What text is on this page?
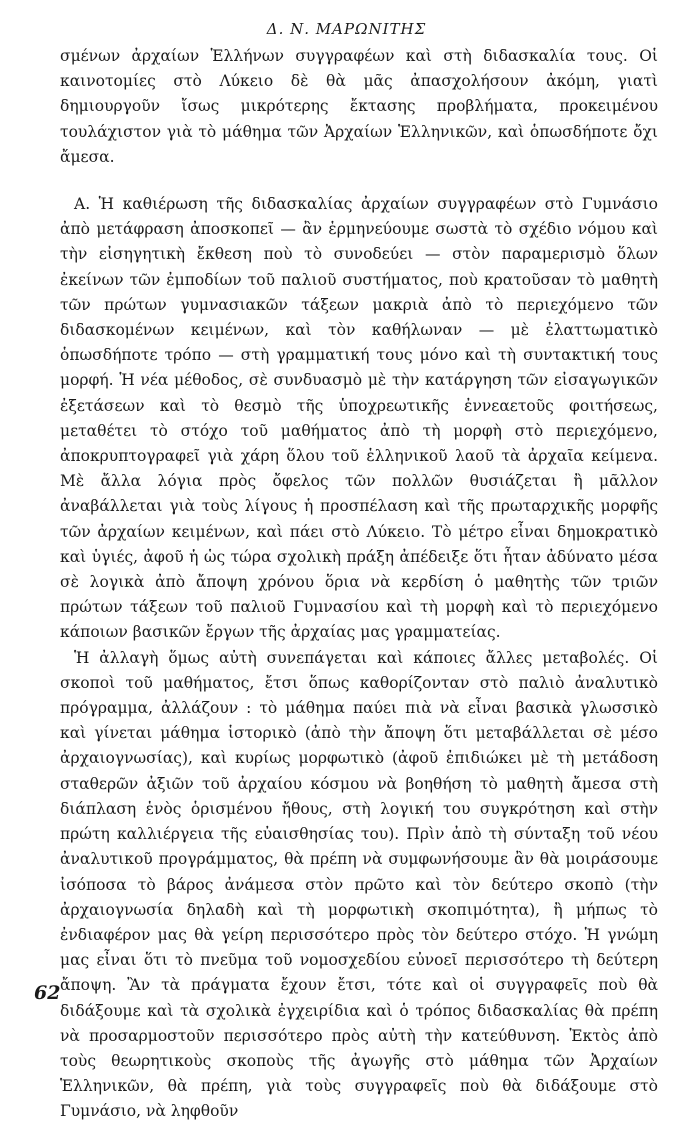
Δ. Ν. ΜΑΡΩΝΙΤΗΣ

σμένων ἀρχαίων Ἑλλήνων συγγραφέων καὶ στὴ διδασκαλία τους. Οἱ καινοτομίες στὸ Λύκειο δὲ θὰ μᾶς ἀπασχολήσουν ἀκόμη, γιατὶ δημιουργοῦν ἴσως μικρότερης ἔκτασης προβλήματα, προκειμένου τουλάχιστον γιὰ τὸ μάθημα τῶν Ἀρχαίων Ἑλληνικῶν, καὶ ὁπωσδήποτε ὄχι ἄμεσα.

Α. Ἡ καθιέρωση τῆς διδασκαλίας ἀρχαίων συγγραφέων στὸ Γυμνάσιο ἀπὸ μετάφραση ἀποσκοπεῖ — ἂν ἑρμηνεύουμε σωστὰ τὸ σχέδιο νόμου καὶ τὴν εἰσηγητικὴ ἔκθεση ποὺ τὸ συνοδεύει — στὸν παραμερισμὸ ὅλων ἐκείνων τῶν ἐμποδίων τοῦ παλιοῦ συστήματος, ποὺ κρατοῦσαν τὸ μαθητὴ τῶν πρώτων γυμνασιακῶν τάξεων μακριὰ ἀπὸ τὸ περιεχόμενο τῶν διδασκομένων κειμένων, καὶ τὸν καθήλωναν — μὲ ἐλαττωματικὸ ὁπωσδήποτε τρόπο — στὴ γραμματική τους μόνο καὶ τὴ συντακτική τους μορφή. Ἡ νέα μέθοδος, σὲ συνδυασμὸ μὲ τὴν κατάργηση τῶν εἰσαγωγικῶν ἐξετάσεων καὶ τὸ θεσμὸ τῆς ὑποχρεωτικῆς ἐννεαετοῦς φοιτήσεως, μεταθέτει τὸ στόχο τοῦ μαθήματος ἀπὸ τὴ μορφὴ στὸ περιεχόμενο, ἀποκρυπτογραφεῖ γιὰ χάρη ὅλου τοῦ ἑλληνικοῦ λαοῦ τὰ ἀρχαῖα κείμενα. Μὲ ἄλλα λόγια πρὸς ὄφελος τῶν πολλῶν θυσιάζεται ἢ μᾶλλον ἀναβάλλεται γιὰ τοὺς λίγους ἡ προσπέλαση καὶ τῆς πρωταρχικῆς μορφῆς τῶν ἀρχαίων κειμένων, καὶ πάει στὸ Λύκειο. Τὸ μέτρο εἶναι δημοκρατικὸ καὶ ὑγιές, ἀφοῦ ἡ ὡς τώρα σχολικὴ πράξη ἀπέδειξε ὅτι ἦταν ἀδύνατο μέσα σὲ λογικὰ ἀπὸ ἄποψη χρόνου ὅρια νὰ κερδίση ὁ μαθητὴς τῶν τριῶν πρώτων τάξεων τοῦ παλιοῦ Γυμνασίου καὶ τὴ μορφὴ καὶ τὸ περιεχόμενο κάποιων βασικῶν ἔργων τῆς ἀρχαίας μας γραμματείας.

Ἡ ἀλλαγὴ ὅμως αὐτὴ συνεπάγεται καὶ κάποιες ἄλλες μεταβολές. Οἱ σκοποὶ τοῦ μαθήματος, ἔτσι ὅπως καθορίζονταν στὸ παλιὸ ἀναλυτικὸ πρόγραμμα, ἀλλάζουν : τὸ μάθημα παύει πιὰ νὰ εἶναι βασικὰ γλωσσικὸ καὶ γίνεται μάθημα ἱστορικὸ (ἀπὸ τὴν ἄποψη ὅτι μεταβάλλεται σὲ μέσο ἀρχαιογνωσίας), καὶ κυρίως μορφωτικὸ (ἀφοῦ ἐπιδιώκει μὲ τὴ μετάδοση σταθερῶν ἀξιῶν τοῦ ἀρχαίου κόσμου νὰ βοηθήση τὸ μαθητὴ ἄμεσα στὴ διάπλαση ἑνὸς ὁρισμένου ἤθους, στὴ λογική του συγκρότηση καὶ στὴν πρώτη καλλιέργεια τῆς εὐαισθησίας του). Πρὶν ἀπὸ τὴ σύνταξη τοῦ νέου ἀναλυτικοῦ προγράμματος, θὰ πρέπη νὰ συμφωνήσουμε ἂν θὰ μοιράσουμε ἰσόποσα τὸ βάρος ἀνάμεσα στὸν πρῶτο καὶ τὸν δεύτερο σκοπὸ (τὴν ἀρχαιογνωσία δηλαδὴ καὶ τὴ μορφωτικὴ σκοπιμότητα), ἢ μήπως τὸ ἐνδιαφέρον μας θὰ γείρη περισσότερο πρὸς τὸν δεύτερο στόχο. Ἡ γνώμη μας εἶναι ὅτι τὸ πνεῦμα τοῦ νομοσχεδίου εὐνοεῖ περισσότερο τὴ δεύτερη ἄποψη. Ἂν τὰ πράγματα ἔχουν ἔτσι, τότε καὶ οἱ συγγραφεῖς ποὺ θὰ διδάξουμε καὶ τὰ σχολικὰ ἐγχειρίδια καὶ ὁ τρόπος διδασκαλίας θὰ πρέπη νὰ προσαρμοστοῦν περισσότερο πρὸς αὐτὴ τὴν κατεύθυνση. Ἐκτὸς ἀπὸ τοὺς θεωρητικοὺς σκοποὺς τῆς ἀγωγῆς στὸ μάθημα τῶν Ἀρχαίων Ἑλληνικῶν, θὰ πρέπη, γιὰ τοὺς συγγραφεῖς ποὺ θὰ διδάξουμε στὸ Γυμνάσιο, νὰ ληφθοῦν

62
